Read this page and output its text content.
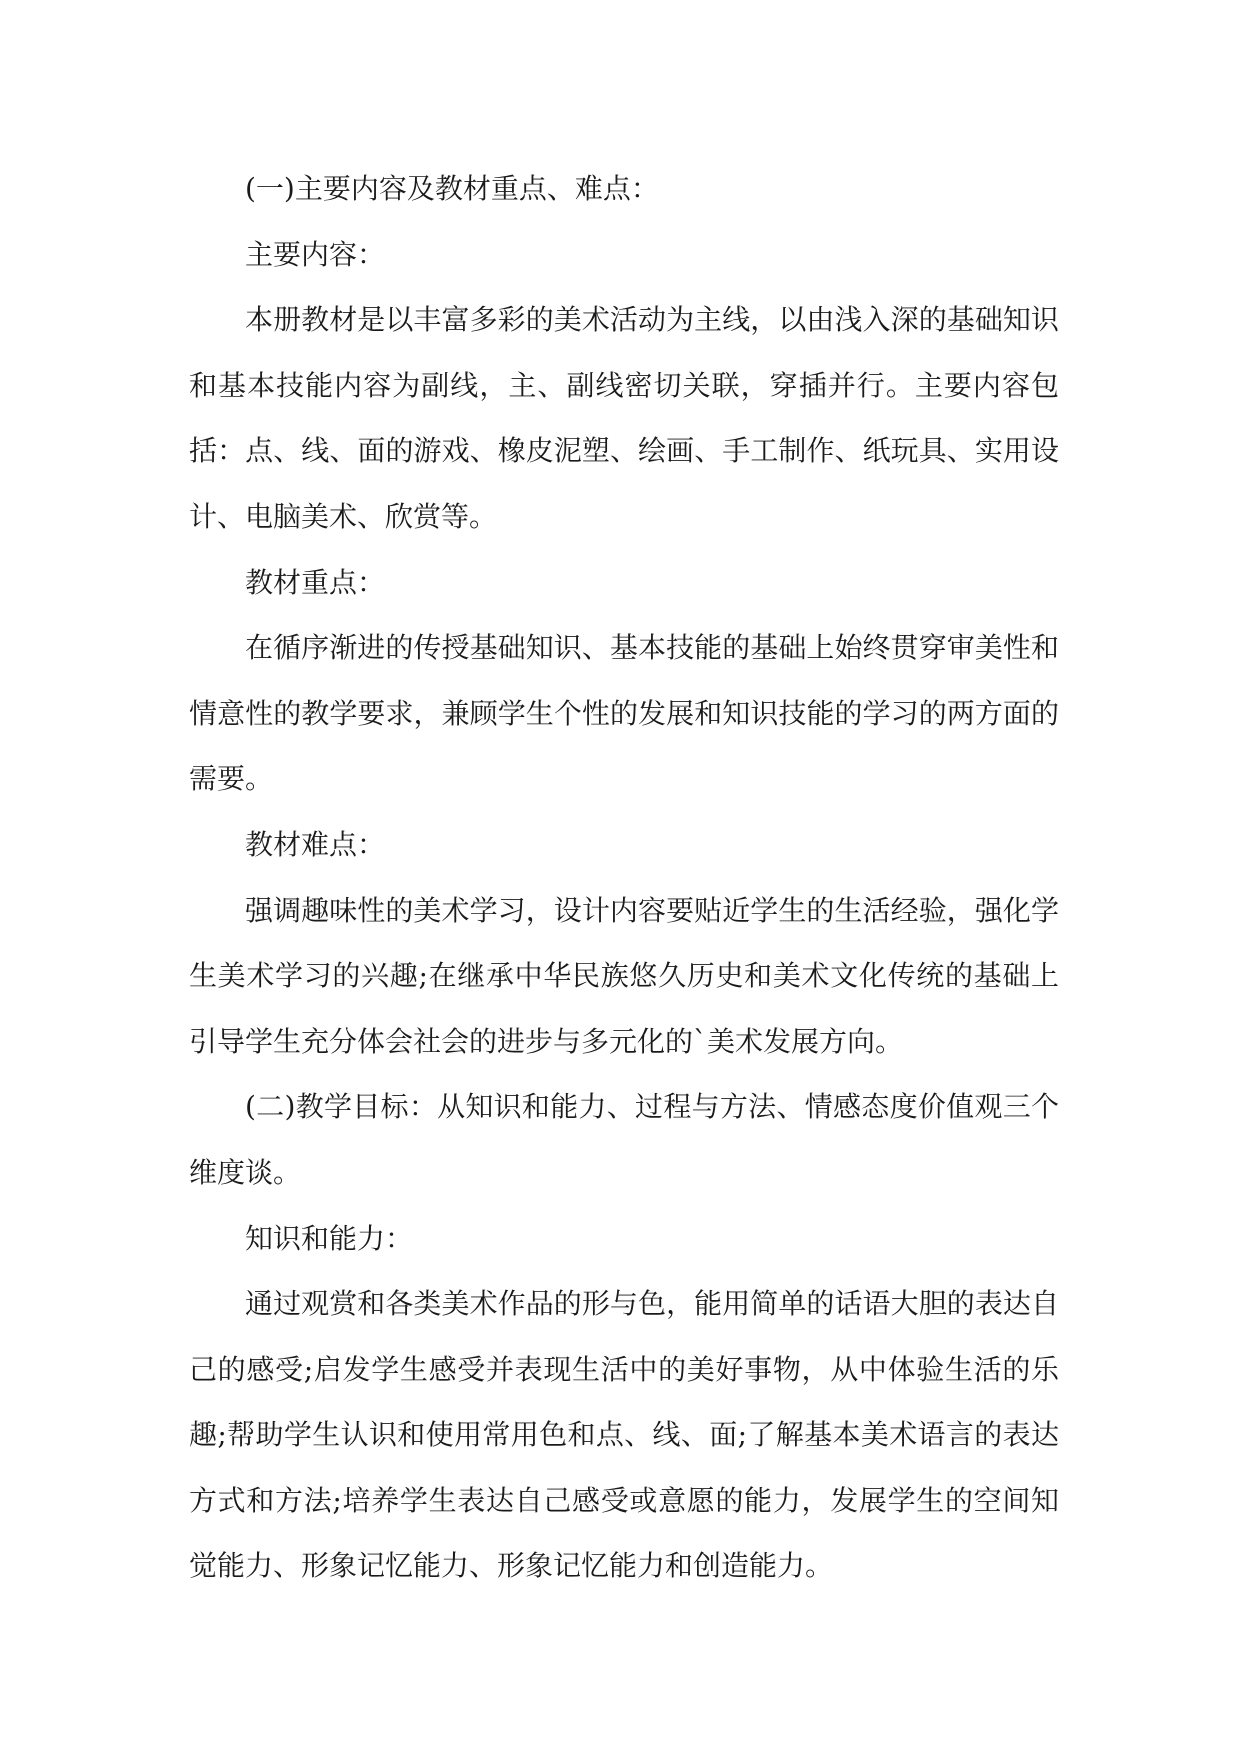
(一)主要内容及教材重点、难点：

主要内容：

本册教材是以丰富多彩的美术活动为主线，以由浅入深的基础知识和基本技能内容为副线，主、副线密切关联，穿插并行。主要内容包括：点、线、面的游戏、橡皮泥塑、绘画、手工制作、纸玩具、实用设计、电脑美术、欣赏等。

教材重点：

在循序渐进的传授基础知识、基本技能的基础上始终贯穿审美性和情意性的教学要求，兼顾学生个性的发展和知识技能的学习的两方面的需要。

教材难点：

强调趣味性的美术学习，设计内容要贴近学生的生活经验，强化学生美术学习的兴趣;在继承中华民族悠久历史和美术文化传统的基础上引导学生充分体会社会的进步与多元化的`美术发展方向。

(二)教学目标：从知识和能力、过程与方法、情感态度价值观三个维度谈。

知识和能力：

通过观赏和各类美术作品的形与色，能用简单的话语大胆的表达自己的感受;启发学生感受并表现生活中的美好事物，从中体验生活的乐趣;帮助学生认识和使用常用色和点、线、面;了解基本美术语言的表达方式和方法;培养学生表达自己感受或意愿的能力，发展学生的空间知觉能力、形象记忆能力、形象记忆能力和创造能力。
